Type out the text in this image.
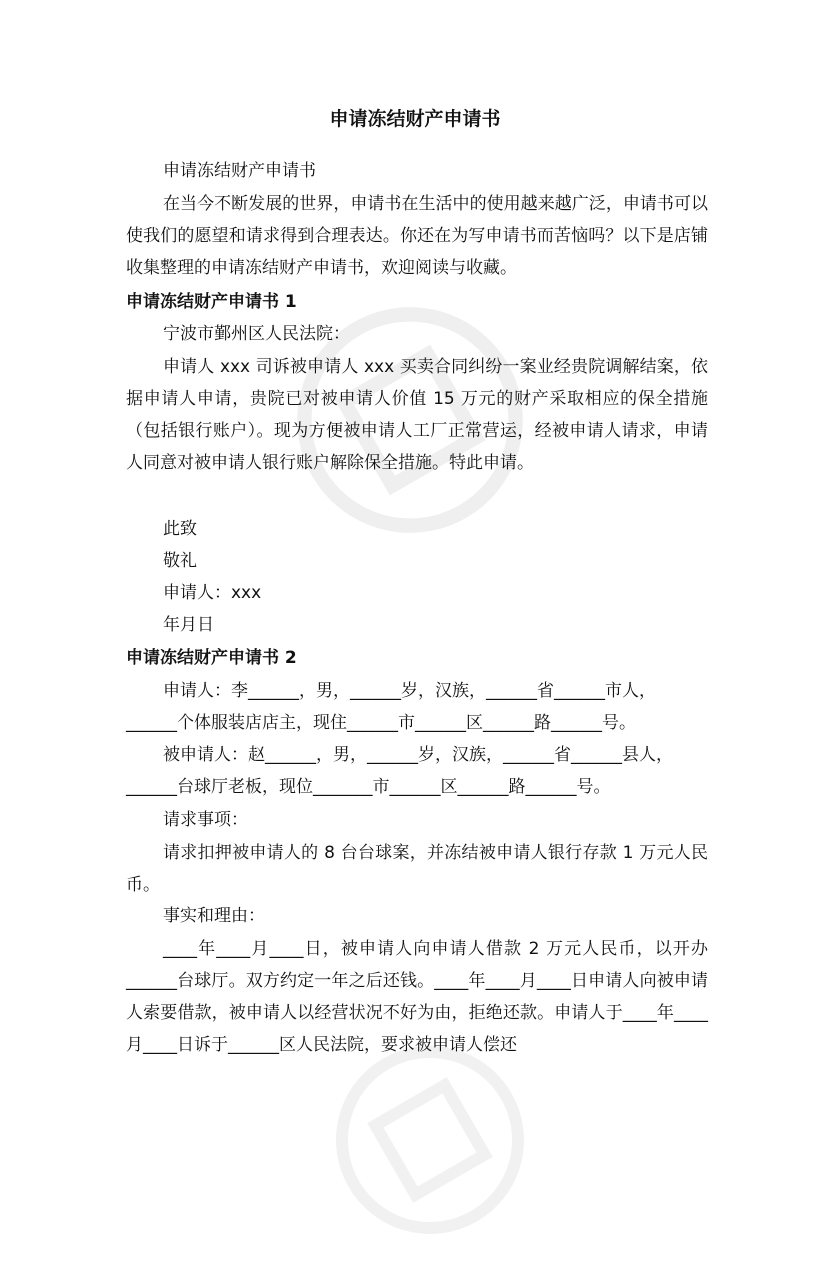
申请冻结财产申请书

申请冻结财产申请书

在当今不断发展的世界，申请书在生活中的使用越来越广泛，申请书可以使我们的愿望和请求得到合理表达。你还在为写申请书而苦恼吗？以下是店铺收集整理的申请冻结财产申请书，欢迎阅读与收藏。

申请冻结财产申请书 1

宁波市鄞州区人民法院：

申请人 xxx 司诉被申请人 xxx 买卖合同纠纷一案业经贵院调解结案，依据申请人申请，贵院已对被申请人价值 15 万元的财产采取相应的保全措施（包括银行账户）。现为方便被申请人工厂正常营运，经被申请人请求，申请人同意对被申请人银行账户解除保全措施。特此申请。

此致

敬礼

申请人：xxx

年月日

申请冻结财产申请书 2

申请人：李______，男，______岁，汉族，______省______市人，

______个体服装店店主，现住______市______区______路______号。

被申请人：赵______，男，______岁，汉族，______省______县人，

______台球厅老板，现位_______市______区______路______号。

请求事项：

请求扣押被申请人的 8 台台球案，并冻结被申请人银行存款 1 万元人民币。

事实和理由：

____年____月____日，被申请人向申请人借款 2 万元人民币，以开办______台球厅。双方约定一年之后还钱。____年____月____日申请人向被申请人索要借款，被申请人以经营状况不好为由，拒绝还款。申请人于____年____月____日诉于______区人民法院，要求被申请人偿还
